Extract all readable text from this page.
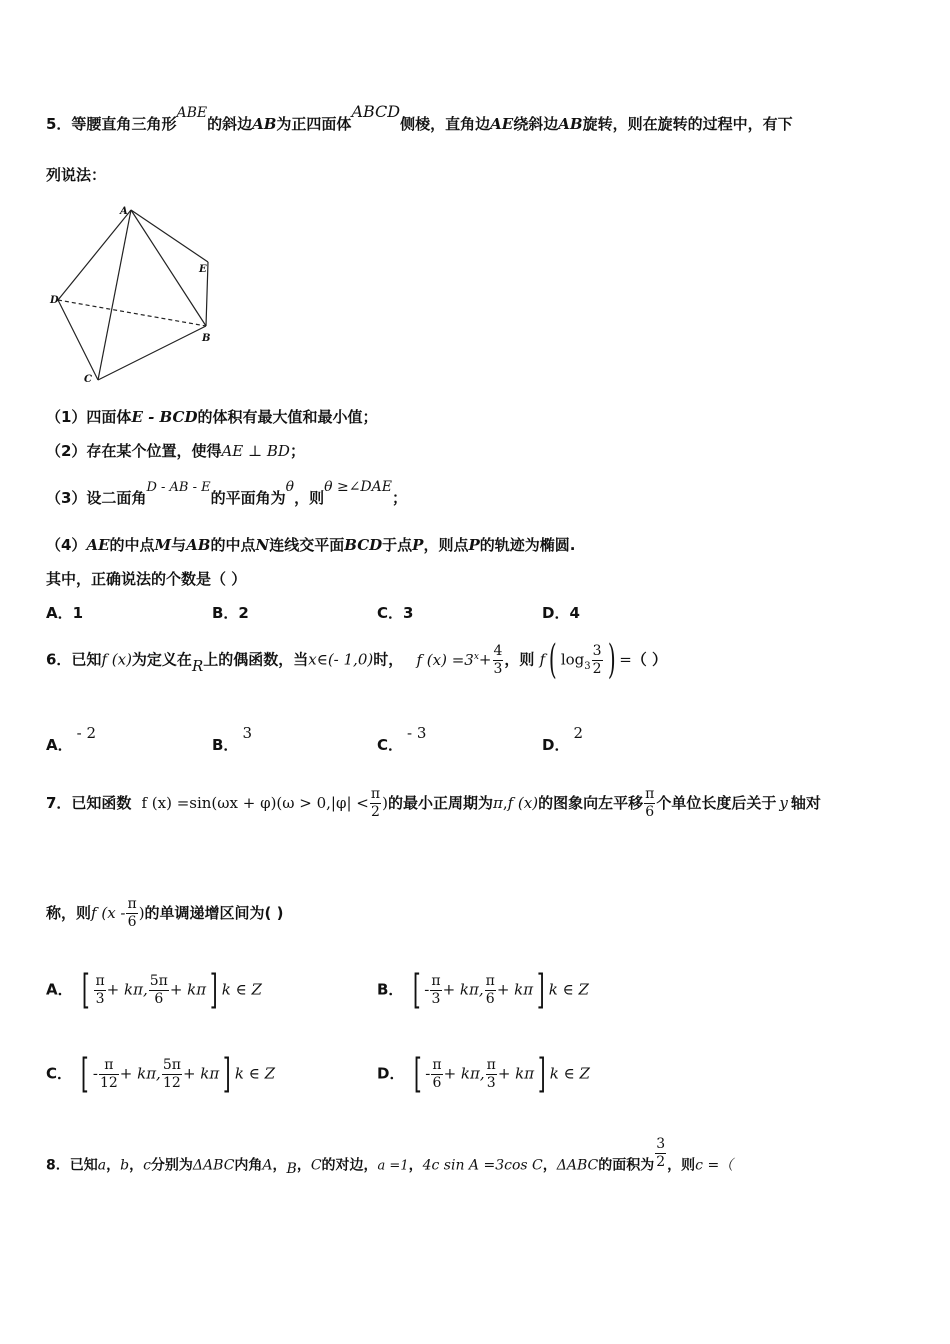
5．等腰直角三角形ABE的斜边AB为正四面体ABCD侧棱，直角边AE绕斜边AB旋转，则在旋转的过程中，有下
列说法：
A
E
D
B
C
（1）四面体E - BCD的体积有最大值和最小值；
（2）存在某个位置，使得AE ⊥ BD；
（3）设二面角D - AB - E的平面角为θ，则θ ≥∠DAE；
（4）AE的中点M与AB的中点N连线交平面BCD于点P，则点P的轨迹为椭圆.
其中，正确说法的个数是（ ）
A．1	B．2	C．3	D．4
6．已知f (x)为定义在R上的偶函数，当x∈(- 1,0)时， f $(x) =3^x+ \frac{4}{3}$ ，则 f( $\log_3 \frac{3}{2}$ ) =（ ）
A．- 2
B．3
C．- 3
D．2
7．已知函数 f $(x) =\sin(\omega x + \varphi)(\omega > 0,|\varphi| < \frac{\pi}{2}$ )的最小正周期为π,f (x)的图象向左平移 $\frac{\pi}{6}$ 个单位长度后关于 y 轴对
称，则f ($x - \frac{\pi}{6}$ )的单调递增区间为( )
A． [ $\frac{\pi}{3} + k\pi$, $\frac{5\pi}{6} + k\pi$] k ∈ Z	B． [ - $\frac{\pi}{3} + k\pi$, $\frac{\pi}{6} + k\pi$] k ∈ Z
C． [ - $\frac{\pi}{12} + k\pi$, $\frac{5\pi}{12} + k\pi$] k ∈ Z	D． [ - $\frac{\pi}{6} + k\pi$, $\frac{\pi}{3} + k\pi$] k ∈ Z
8．已知a，b，c分别为ΔABC内角A，B，C的对边，a =1，4c sin A =3cos C，ΔABC的面积为 $\frac{3}{2}$ ，则c =（
